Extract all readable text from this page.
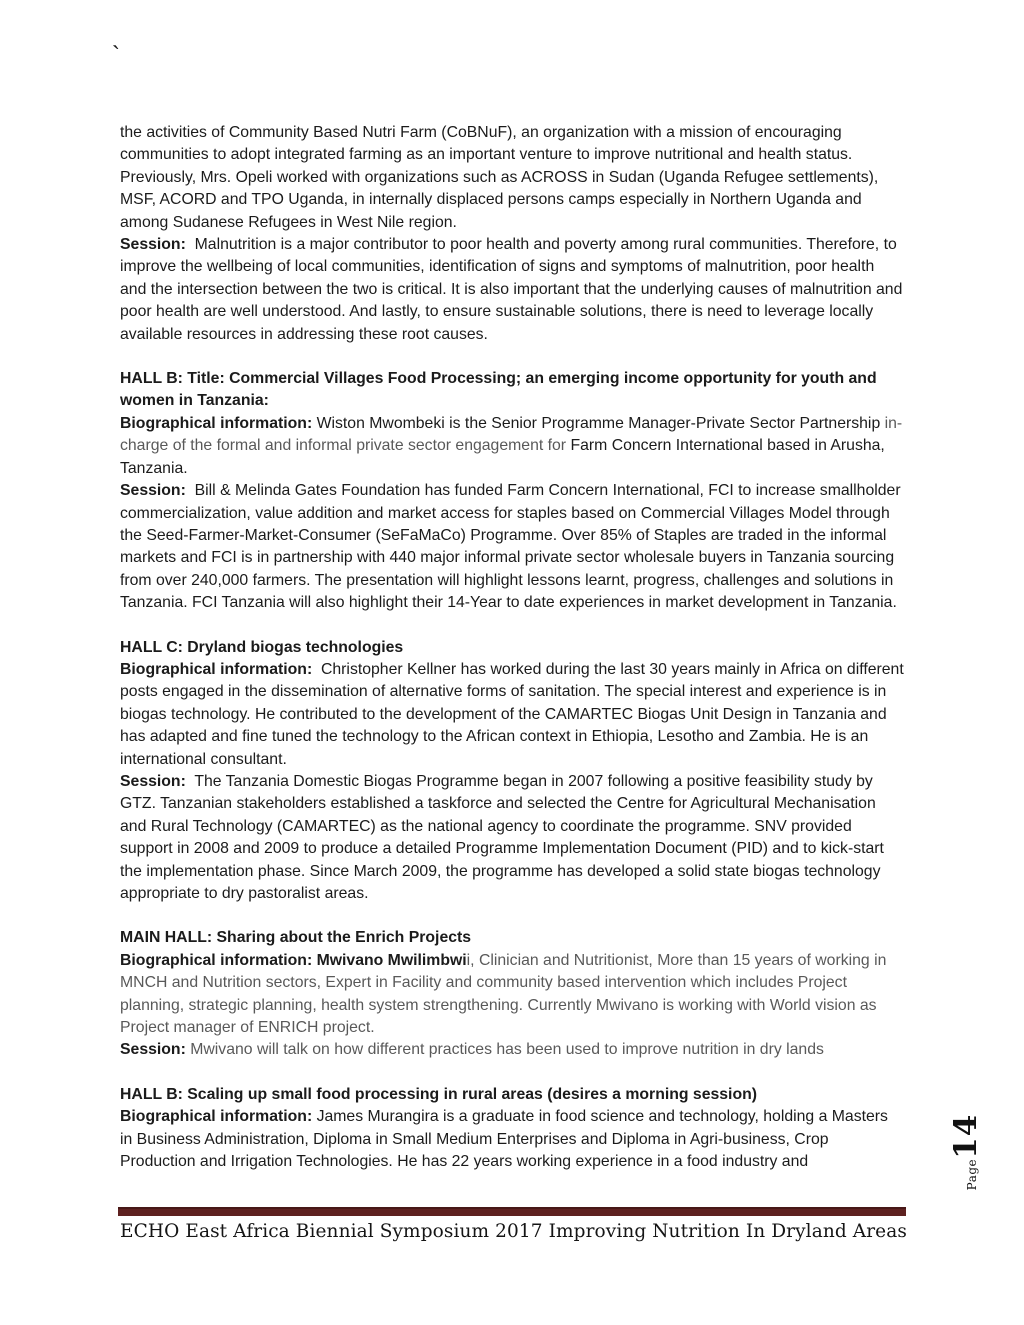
`

the activities of Community Based Nutri Farm (CoBNuF), an organization with a mission of encouraging communities to adopt integrated farming as an important venture to improve nutritional and health status. Previously, Mrs. Opeli worked with organizations such as ACROSS in Sudan (Uganda Refugee settlements), MSF, ACORD and TPO Uganda, in internally displaced persons camps especially in Northern Uganda and among Sudanese Refugees in West Nile region.
Session:  Malnutrition is a major contributor to poor health and poverty among rural communities. Therefore, to improve the wellbeing of local communities, identification of signs and symptoms of malnutrition, poor health and the intersection between the two is critical. It is also important that the underlying causes of malnutrition and poor health are well understood. And lastly, to ensure sustainable solutions, there is need to leverage locally available resources in addressing these root causes.

HALL B: Title: Commercial Villages Food Processing; an emerging income opportunity for youth and women in Tanzania:
Biographical information: Wiston Mwombeki is the Senior Programme Manager-Private Sector Partnership in-charge of the formal and informal private sector engagement for Farm Concern International based in Arusha, Tanzania.
Session:  Bill & Melinda Gates Foundation has funded Farm Concern International, FCI to increase smallholder commercialization, value addition and market access for staples based on Commercial Villages Model through the Seed-Farmer-Market-Consumer (SeFaMaCo) Programme. Over 85% of Staples are traded in the informal markets and FCI is in partnership with 440 major informal private sector wholesale buyers in Tanzania sourcing from over 240,000 farmers. The presentation will highlight lessons learnt, progress, challenges and solutions in Tanzania. FCI Tanzania will also highlight their 14-Year to date experiences in market development in Tanzania.

HALL C: Dryland biogas technologies
Biographical information:  Christopher Kellner has worked during the last 30 years mainly in Africa on different posts engaged in the dissemination of alternative forms of sanitation. The special interest and experience is in biogas technology. He contributed to the development of the CAMARTEC Biogas Unit Design in Tanzania and has adapted and fine tuned the technology to the African context in Ethiopia, Lesotho and Zambia. He is an international consultant.
Session:  The Tanzania Domestic Biogas Programme began in 2007 following a positive feasibility study by GTZ. Tanzanian stakeholders established a taskforce and selected the Centre for Agricultural Mechanisation and Rural Technology (CAMARTEC) as the national agency to coordinate the programme. SNV provided support in 2008 and 2009 to produce a detailed Programme Implementation Document (PID) and to kick-start the implementation phase. Since March 2009, the programme has developed a solid state biogas technology appropriate to dry pastoralist areas.

MAIN HALL: Sharing about the Enrich Projects
Biographical information: Mwivano Mwilimbwii, Clinician and Nutritionist, More than 15 years of working in MNCH and Nutrition sectors, Expert in Facility and community based intervention which includes Project planning, strategic planning, health system strengthening. Currently Mwivano is working with World vision as Project manager of ENRICH project.
Session: Mwivano will talk on how different practices has been used to improve nutrition in dry lands

HALL B: Scaling up small food processing in rural areas (desires a morning session)
Biographical information: James Murangira is a graduate in food science and technology, holding a Masters in Business Administration, Diploma in Small Medium Enterprises and Diploma in Agri-business, Crop Production and Irrigation Technologies. He has 22 years working experience in a food industry and

ECHO East Africa Biennial Symposium 2017 Improving Nutrition In Dryland Areas
Page
14
